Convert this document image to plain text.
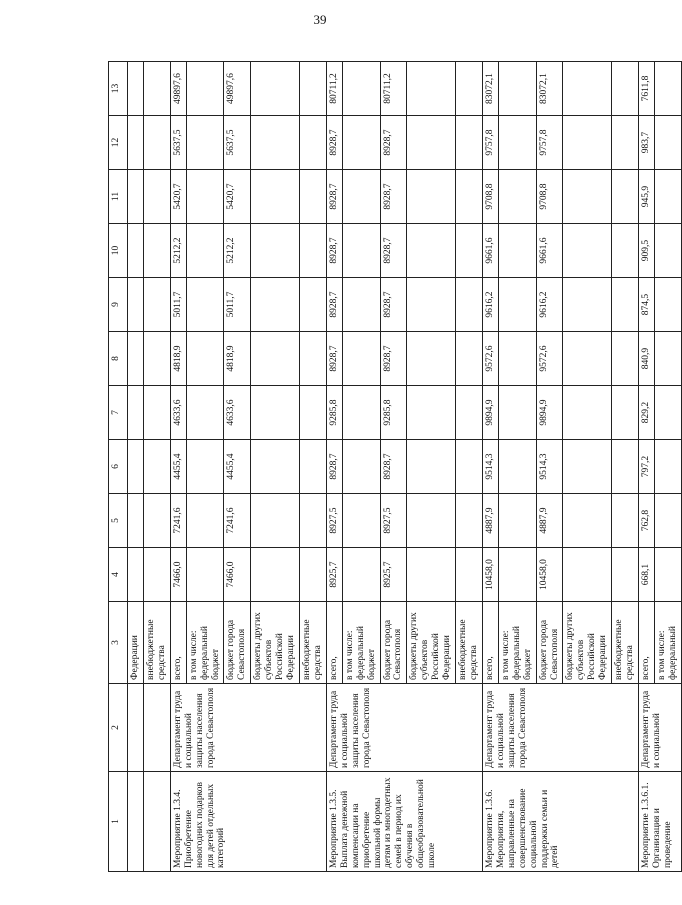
39
1	2	3	4	5	6	7	8	9	10	11	12	13
		Федерации										
		внебюджетные средства										
Мероприятие 1.3.4. Приобретение новогодних подарков для детей отдельных категорий	Департамент труда и социальной защиты населения города Севастополя	всего,	7466,0	7241,6	4455,4	4633,6	4818,9	5011,7	5212,2	5420,7	5637,5	49897,6
		в том числе: федеральный бюджет										
		бюджет города Севастополя	7466,0	7241,6	4455,4	4633,6	4818,9	5011,7	5212,2	5420,7	5637,5	49897,6
		бюджеты других субъектов Российской Федерации										
		внебюджетные средства										
Мероприятие 1.3.5. Выплата денежной компенсации на приобретение школьной формы детям из многодетных семей в период их обучения в общеобразовательной школе	Департамент труда и социальной защиты населения города Севастополя	всего,	8925,7	8927,5	8928,7	9285,8	8928,7	8928,7	8928,7	8928,7	8928,7	80711,2
		в том числе: федеральный бюджет										
		бюджет города Севастополя	8925,7	8927,5	8928,7	9285,8	8928,7	8928,7	8928,7	8928,7	8928,7	80711,2
		бюджеты других субъектов Российской Федерации										
		внебюджетные средства										
Мероприятие 1.3.6. Мероприятия, направленные на совершенствование социальной поддержки семьи и детей	Департамент труда и социальной защиты населения города Севастополя	всего,	10458,0	4887,9	9514,3	9894,9	9572,6	9616,2	9661,6	9708,8	9757,8	83072,1
		в том числе: федеральный бюджет										
		бюджет города Севастополя	10458,0	4887,9	9514,3	9894,9	9572,6	9616,2	9661,6	9708,8	9757,8	83072,1
		бюджеты других субъектов Российской Федерации										
		внебюджетные средства										
Мероприятие 1.3.6.1. Организация и проведение	Департамент труда и социальной	всего,	668,1	762,8	797,2	829,2	840,9	874,5	909,5	945,9	983,7	7611,8
		в том числе: федеральный										
